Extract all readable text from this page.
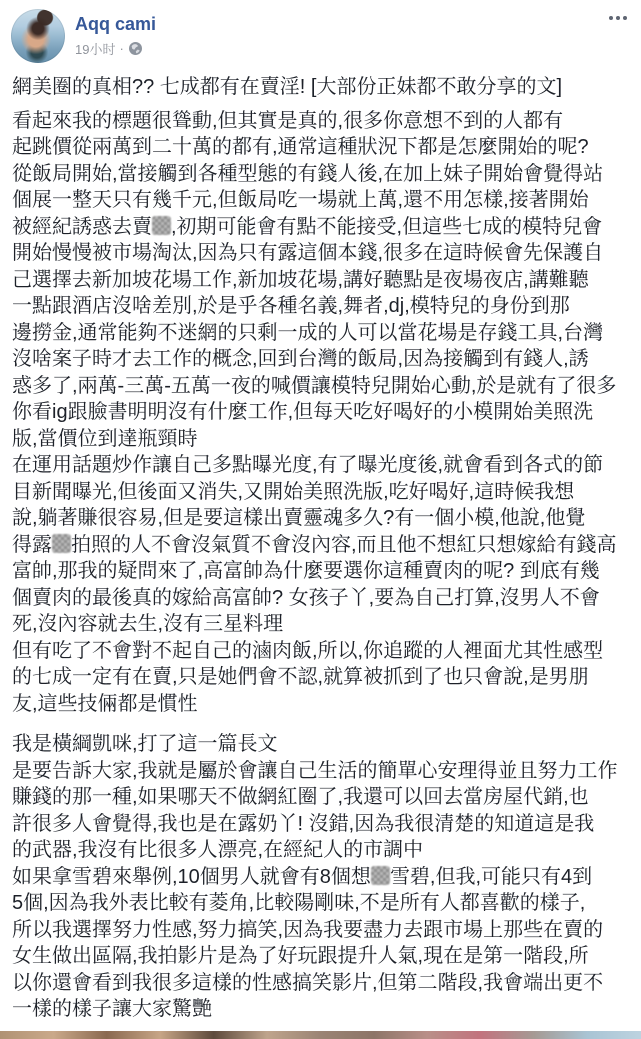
Aqq cami
19小时 ·

網美圈的真相?? 七成都有在賣淫! [大部份正妹都不敢分享的文]

看起來我的標題很聳動,但其實是真的,很多你意想不到的人都有
起跳價從兩萬到二十萬的都有,通常這種狀況下都是怎麼開始的呢?
從飯局開始,當接觸到各種型態的有錢人後,在加上妹子開始會覺得站
個展一整天只有幾千元,但飯局吃一場就上萬,還不用怎樣,接著開始
被經紀誘惑去賣 ,初期可能會有點不能接受,但這些七成的模特兒會
開始慢慢被市場淘汰,因為只有露這個本錢,很多在這時候會先保護自
己選擇去新加坡花場工作,新加坡花場,講好聽點是夜場夜店,講難聽
一點跟酒店沒啥差別,於是乎各種名義,舞者,dj,模特兒的身份到那
邊撈金,通常能夠不迷網的只剩一成的人可以當花場是存錢工具,台灣
沒啥案子時才去工作的概念,回到台灣的飯局,因為接觸到有錢人,誘
惑多了,兩萬-三萬-五萬一夜的喊價讓模特兒開始心動,於是就有了很多
你看ig跟臉書明明沒有什麼工作,但每天吃好喝好的小模開始美照洗
版,當價位到達瓶頸時

在運用話題炒作讓自己多點曝光度,有了曝光度後,就會看到各式的節
目新聞曝光,但後面又消失,又開始美照洗版,吃好喝好,這時候我想
說,躺著賺很容易,但是要這樣出賣靈魂多久?有一個小模,他說,他覺
得露 拍照的人不會沒氣質不會沒內容,而且他不想紅只想嫁給有錢高
富帥,那我的疑問來了,高富帥為什麼要選你這種賣肉的呢? 到底有幾
個賣肉的最後真的嫁給高富帥? 女孩子丫,要為自己打算,沒男人不會
死,沒內容就去生,沒有三星料理

但有吃了不會對不起自己的滷肉飯,所以,你追蹤的人裡面尤其性感型
的七成一定有在賣,只是她們會不認,就算被抓到了也只會說,是男朋
友,這些技倆都是慣性

我是橫綱凱咪,打了這一篇長文

是要告訴大家,我就是屬於會讓自己生活的簡單心安理得並且努力工作
賺錢的那一種,如果哪天不做網紅圈了,我還可以回去當房屋代銷,也
許很多人會覺得,我也是在露奶丫! 沒錯,因為我很清楚的知道這是我
的武器,我沒有比很多人漂亮,在經紀人的市調中

如果拿雪碧來舉例,10個男人就會有8個想 雪碧,但我,可能只有4到
5個,因為我外表比較有菱角,比較陽剛味,不是所有人都喜歡的樣子,
所以我選擇努力性感,努力搞笑,因為我要盡力去跟市場上那些在賣的
女生做出區隔,我拍影片是為了好玩跟提升人氣,現在是第一階段,所
以你還會看到我很多這樣的性感搞笑影片,但第二階段,我會端出更不
一樣的樣子讓大家驚艷
